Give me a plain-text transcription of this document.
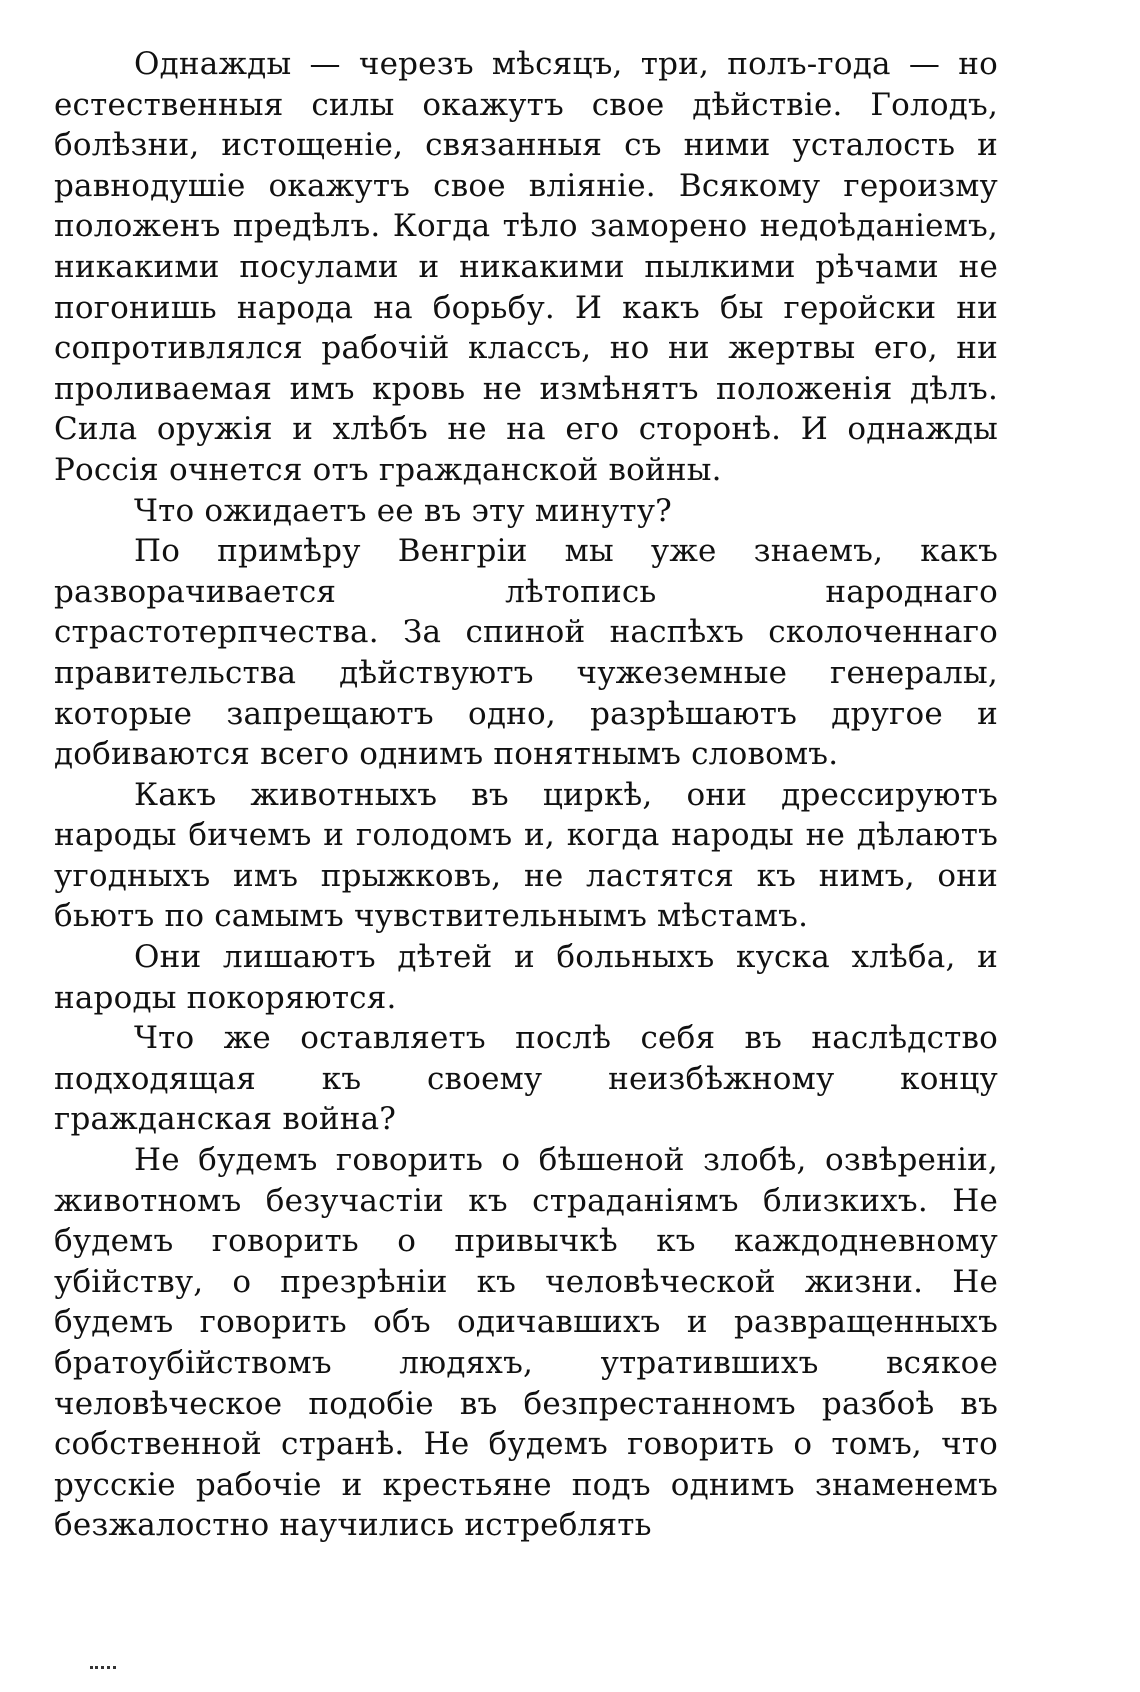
Однажды — черезъ мѣсяцъ, три, полъ-года — но естественныя силы окажутъ свое дѣйствіе. Голодъ, болѣзни, истощеніе, связанныя съ ними усталость и равнодушіе окажутъ свое вліяніе. Всякому героизму положенъ предѣлъ. Когда тѣло заморено недоѣданіемъ, никакими посулами и никакими пылкими рѣчами не погонишь народа на борьбу. И какъ бы геройски ни сопротивлялся рабочій классъ, но ни жертвы его, ни проливаемая имъ кровь не измѣнятъ положенія дѣлъ. Сила оружія и хлѣбъ не на его сторонѣ. И однажды Россія очнется отъ гражданской войны.

Что ожидаетъ ее въ эту минуту?

По примѣру Венгріи мы уже знаемъ, какъ разворачивается лѣтопись народнаго страстотерпчества. За спиной наспѣхъ сколоченнаго правительства дѣйствуютъ чужеземные генералы, которые запрещаютъ одно, разрѣшаютъ другое и добиваются всего однимъ понятнымъ словомъ.

Какъ животныхъ въ циркѣ, они дрессируютъ народы бичемъ и голодомъ и, когда народы не дѣлаютъ угодныхъ имъ прыжковъ, не ластятся къ нимъ, они бьютъ по самымъ чувствительнымъ мѣстамъ.

Они лишаютъ дѣтей и больныхъ куска хлѣба, и народы покоряются.

Что же оставляетъ послѣ себя въ наслѣдство подходящая къ своему неизбѣжному концу гражданская война?

Не будемъ говорить о бѣшеной злобѣ, озвѣреніи, животномъ безучастіи къ страданіямъ близкихъ. Не будемъ говорить о привычкѣ къ каждодневному убійству, о презрѣніи къ человѣческой жизни. Не будемъ говорить объ одичавшихъ и развращенныхъ братоубійствомъ людяхъ, утратившихъ всякое человѣческое подобіе въ безпрестанномъ разбоѣ въ собственной странѣ. Не будемъ говорить о томъ, что русскіе рабочіе и крестьяне подъ однимъ знаменемъ безжалостно научились истреблять
